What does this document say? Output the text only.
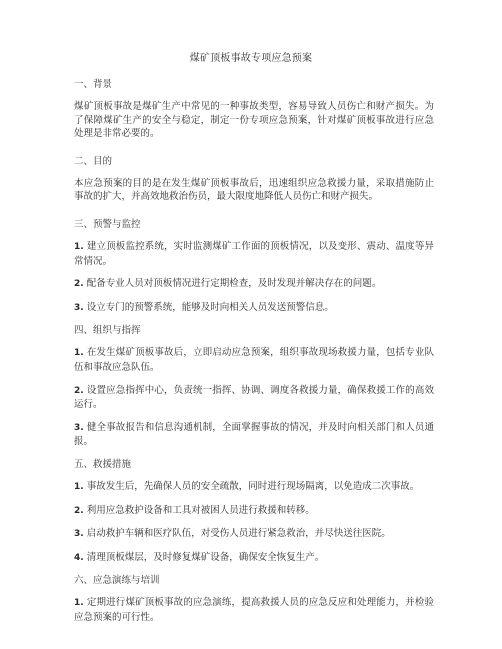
煤矿顶板事故专项应急预案
一、背景
煤矿顶板事故是煤矿生产中常见的一种事故类型，容易导致人员伤亡和财产损失。为了保障煤矿生产的安全与稳定，制定一份专项应急预案，针对煤矿顶板事故进行应急处理是非常必要的。
二、目的
本应急预案的目的是在发生煤矿顶板事故后，迅速组织应急救援力量，采取措施防止事故的扩大，并高效地救治伤员，最大限度地降低人员伤亡和财产损失。
三、预警与监控
1. 建立顶板监控系统，实时监测煤矿工作面的顶板情况，以及变形、震动、温度等异常情况。
2. 配备专业人员对顶板情况进行定期检查，及时发现并解决存在的问题。
3. 设立专门的预警系统，能够及时向相关人员发送预警信息。
四、组织与指挥
1. 在发生煤矿顶板事故后，立即启动应急预案，组织事故现场救援力量，包括专业队伍和事故应急队伍。
2. 设置应急指挥中心，负责统一指挥、协调、调度各救援力量，确保救援工作的高效运行。
3. 健全事故报告和信息沟通机制，全面掌握事故的情况，并及时向相关部门和人员通报。
五、救援措施
1. 事故发生后，先确保人员的安全疏散，同时进行现场隔离，以免造成二次事故。
2. 利用应急救护设备和工具对被困人员进行救援和转移。
3. 启动救护车辆和医疗队伍，对受伤人员进行紧急救治，并尽快送往医院。
4. 清理顶板煤层，及时修复煤矿设备，确保安全恢复生产。
六、应急演练与培训
1. 定期进行煤矿顶板事故的应急演练，提高救援人员的应急反应和处理能力，并检验应急预案的可行性。
